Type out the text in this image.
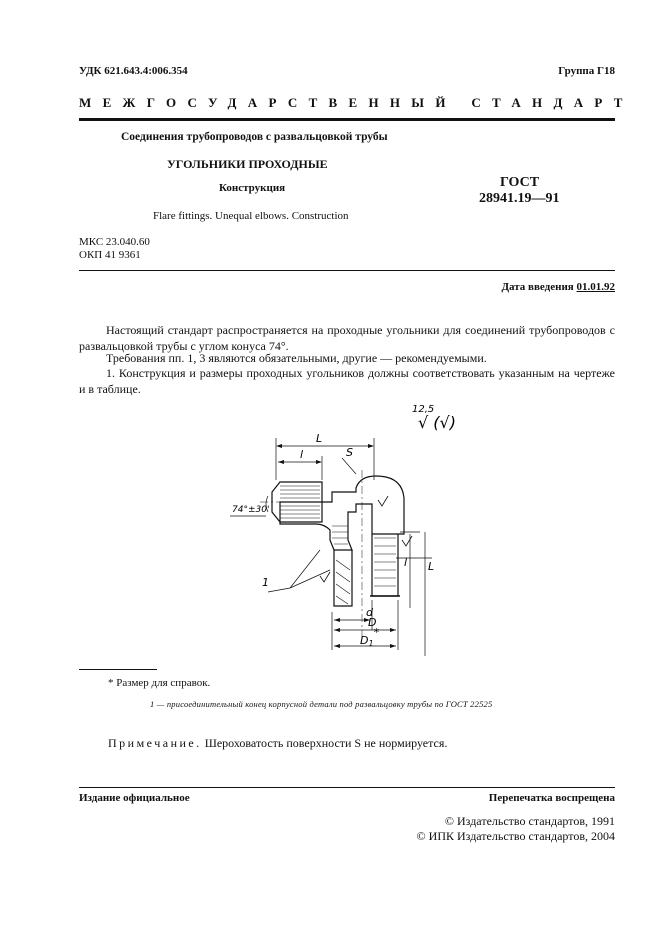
УДК 621.643.4:006.354	Группа Г18
МЕЖГОСУДАРСТВЕННЫЙ СТАНДАРТ
Соединения трубопроводов с развальцовкой трубы
УГОЛЬНИКИ ПРОХОДНЫЕ
Конструкция	ГОСТ
28941.19—91
Flare fittings. Unequal elbows. Construction
МКС 23.040.60
ОКП 41 9361
Дата введения 01.01.92
Настоящий стандарт распространяется на проходные угольники для соединений трубопроводов с развальцовкой трубы с углом конуса 74°.
Требования пп. 1, 3 являются обязательными, другие — рекомендуемыми.
1. Конструкция и размеры проходных угольников должны соответствовать указанным на чертеже и в таблице.
12,5
√ (√)
L
l	S
74°±30'
L
l
d
D
D1*
1
* Размер для справок.
1 — присоединительный конец корпусной детали под развальцовку трубы по ГОСТ 22525
Примечание. Шероховатость поверхности S не нормируется.
Издание официальное	Перепечатка воспрещена
© Издательство стандартов, 1991
© ИПК Издательство стандартов, 2004
